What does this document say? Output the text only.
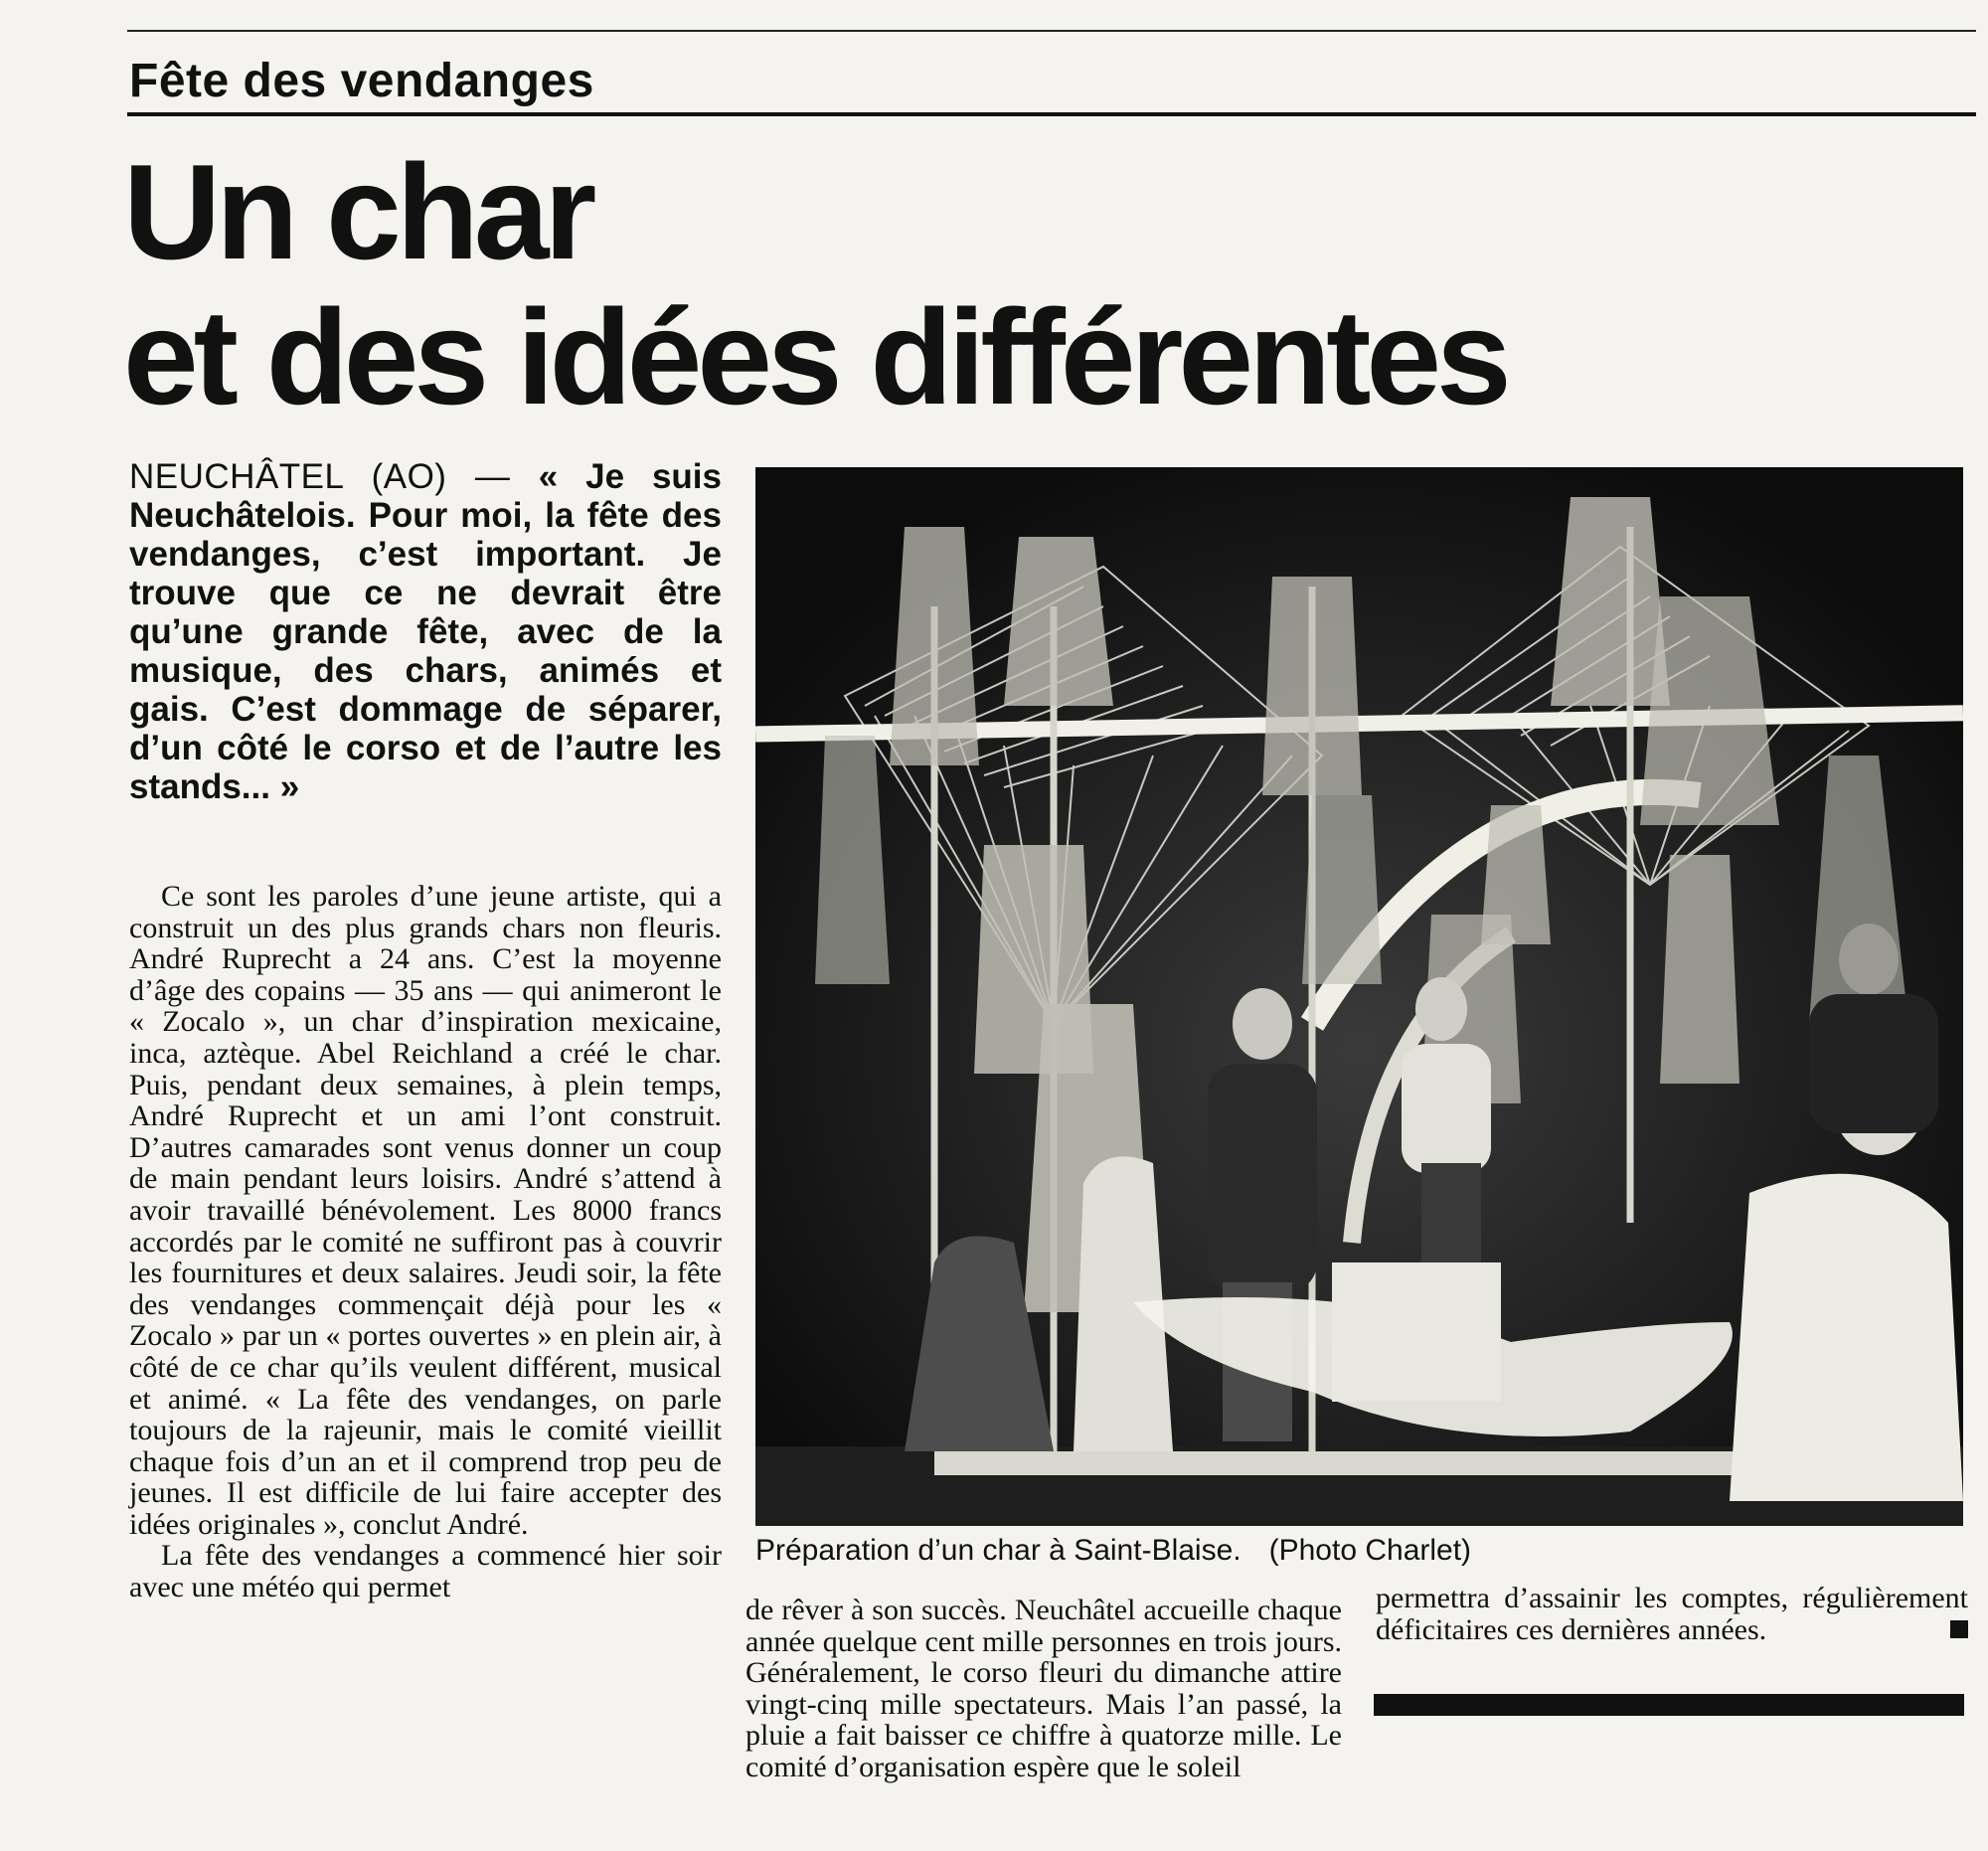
Fête des vendanges
Un char
et des idées différentes

NEUCHÂTEL (AO) — « Je suis Neuchâtelois. Pour moi, la fête des vendanges, c’est important. Je trouve que ce ne devrait être qu’une grande fête, avec de la musique, des chars, animés et gais. C’est dommage de séparer, d’un côté le corso et de l’autre les stands... »

Ce sont les paroles d’une jeune artiste, qui a construit un des plus grands chars non fleuris. André Ruprecht a 24 ans. C’est la moyenne d’âge des copains — 35 ans — qui animeront le « Zocalo », un char d’inspiration mexicaine, inca, aztèque. Abel Reichland a créé le char. Puis, pendant deux semaines, à plein temps, André Ruprecht et un ami l’ont construit. D’autres camarades sont venus donner un coup de main pendant leurs loisirs. André s’attend à avoir travaillé bénévolement. Les 8000 francs accordés par le comité ne suffiront pas à couvrir les fournitures et deux salaires. Jeudi soir, la fête des vendanges commençait déjà pour les « Zocalo » par un « portes ouvertes » en plein air, à côté de ce char qu’ils veulent différent, musical et animé. « La fête des vendanges, on parle toujours de la rajeunir, mais le comité vieillit chaque fois d’un an et il comprend trop peu de jeunes. Il est difficile de lui faire accepter des idées originales », conclut André.

La fête des vendanges a commencé hier soir avec une météo qui permet

Préparation d’un char à Saint-Blaise. (Photo Charlet)

de rêver à son succès. Neuchâtel accueille chaque année quelque cent mille personnes en trois jours. Généralement, le corso fleuri du dimanche attire vingt-cinq mille spectateurs. Mais l’an passé, la pluie a fait baisser ce chiffre à quatorze mille. Le comité d’organisation espère que le soleil

permettra d’assainir les comptes, régulièrement déficitaires ces dernières années.
